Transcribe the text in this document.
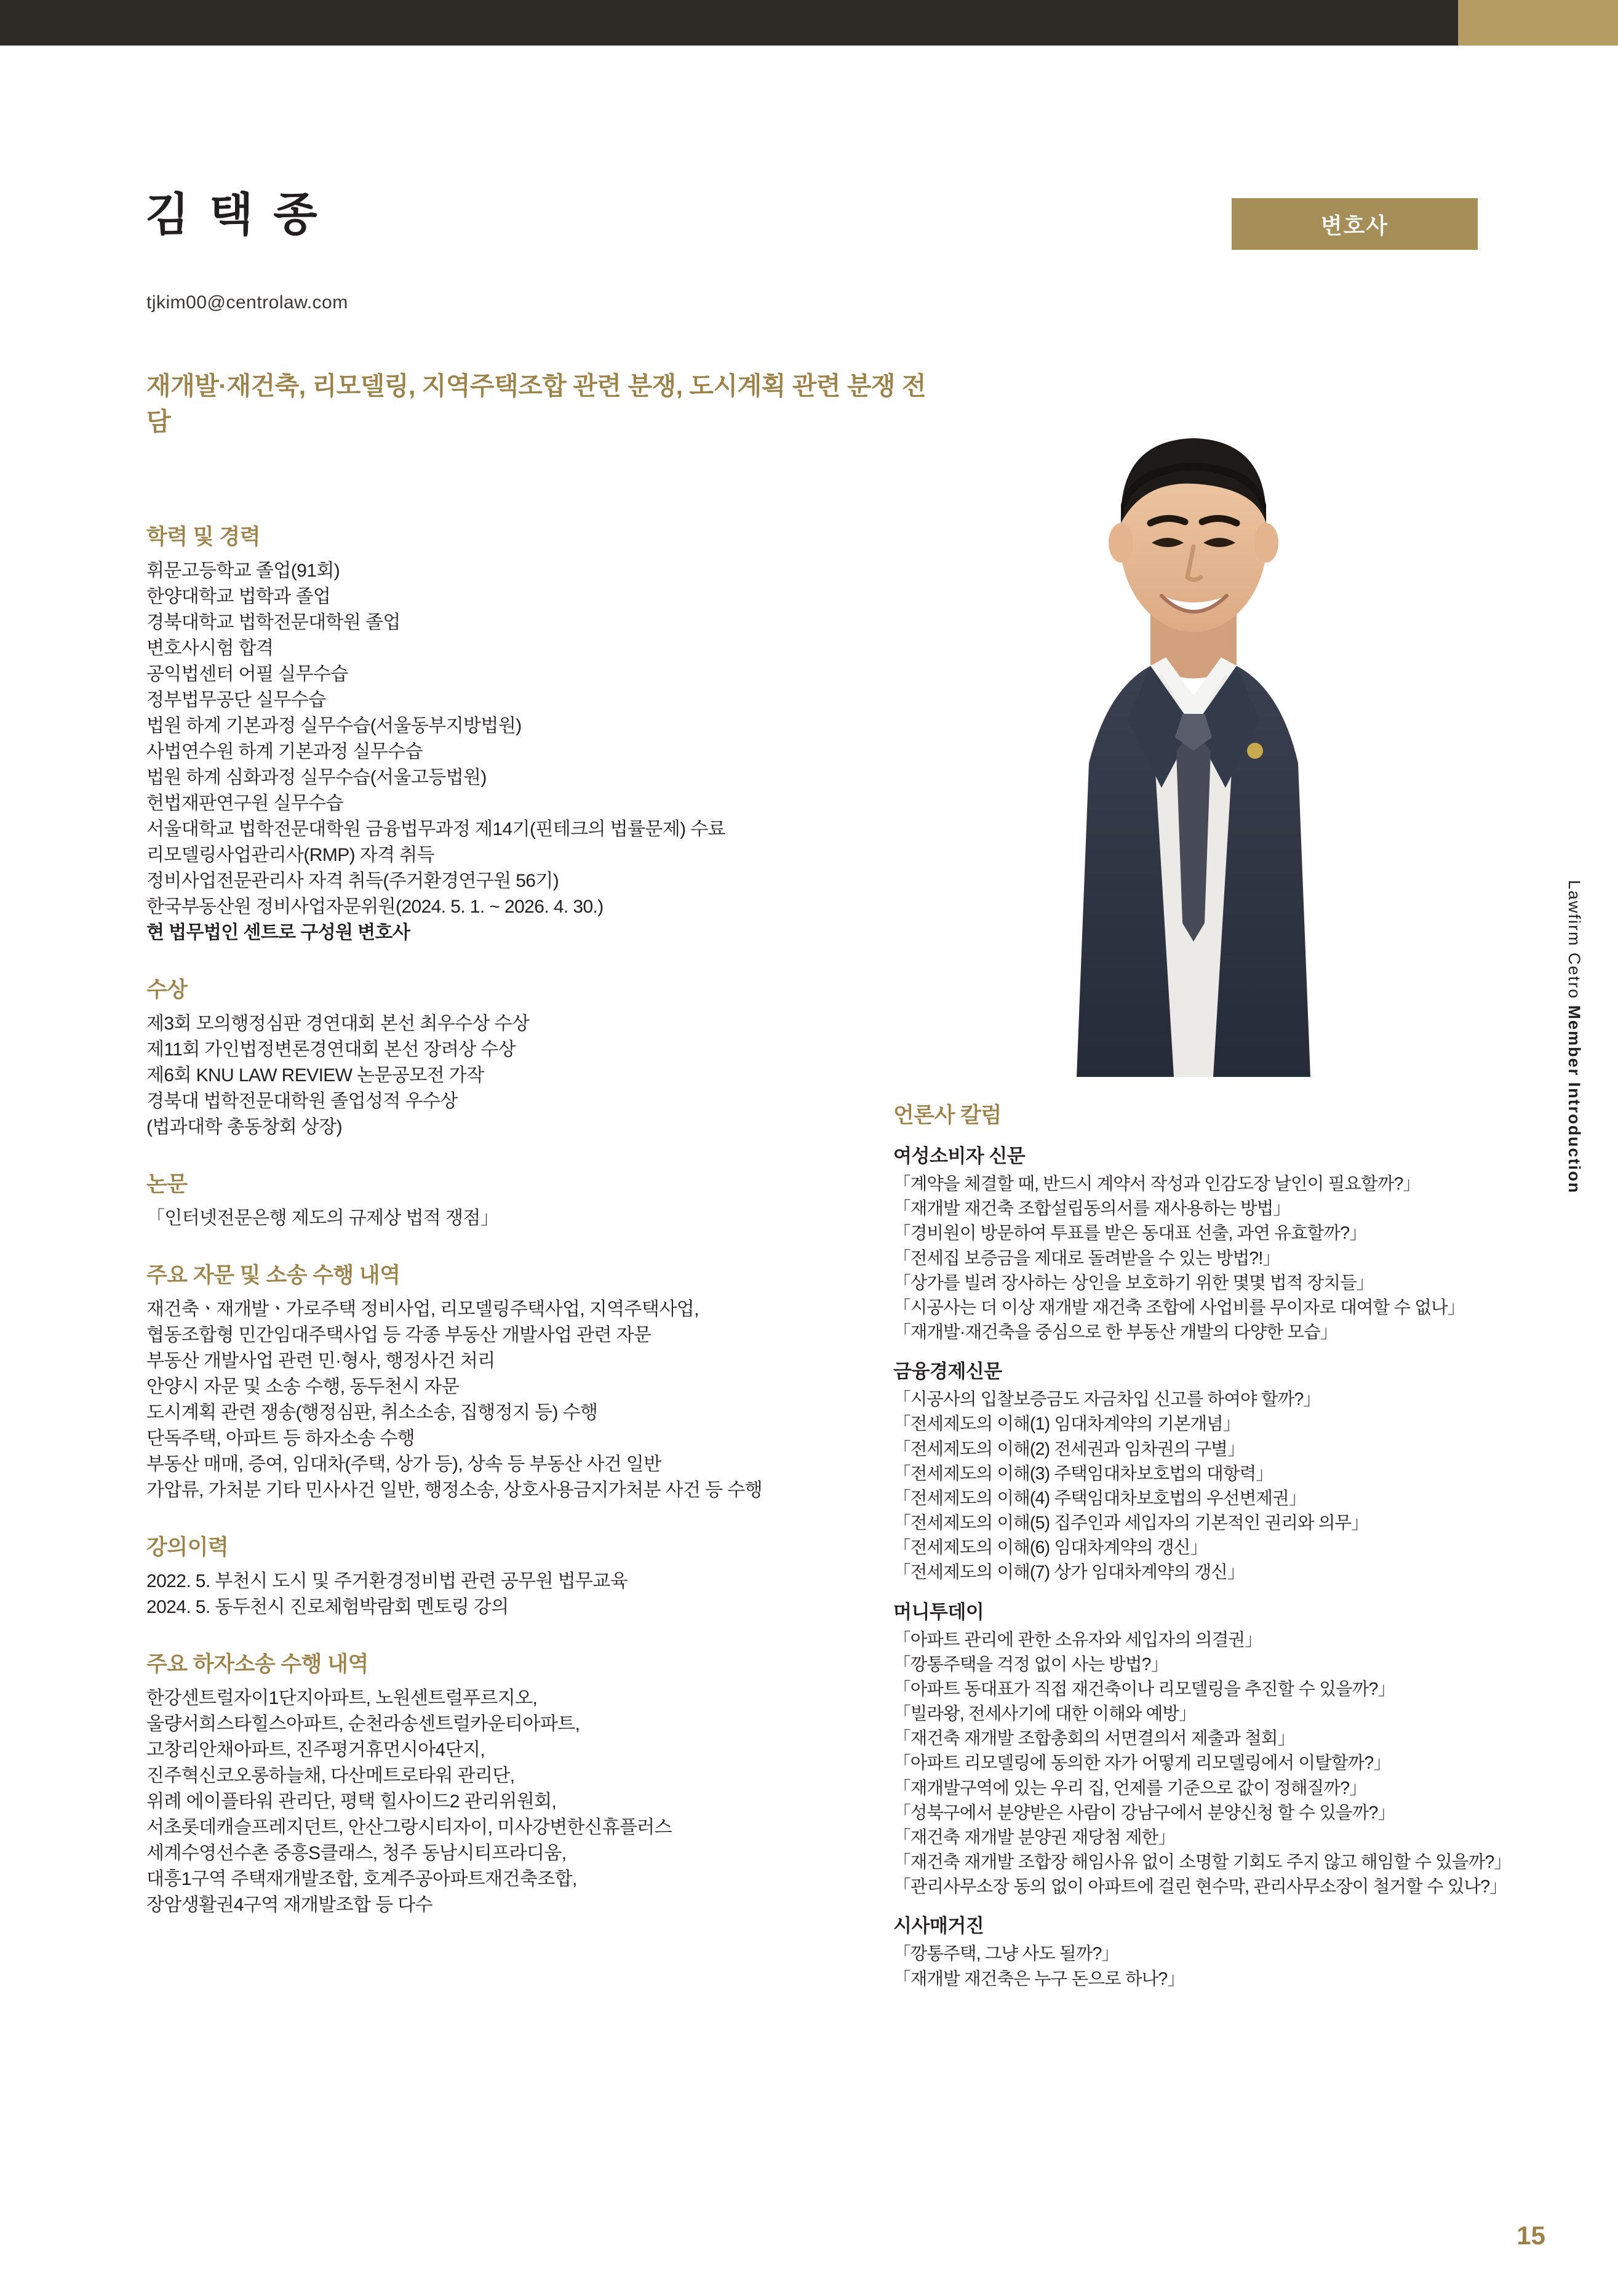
김 택 종	변호사
tjkim00@centrolaw.com
재개발·재건축, 리모델링, 지역주택조합 관련 분쟁, 도시계획 관련 분쟁 전담
Lawfirm Cetro Member Introduction
학력 및 경력
휘문고등학교 졸업(91회)
한양대학교 법학과 졸업
경북대학교 법학전문대학원 졸업
변호사시험 합격
공익법센터 어필 실무수습
정부법무공단 실무수습
법원 하계 기본과정 실무수습(서울동부지방법원)
사법연수원 하계 기본과정 실무수습
법원 하계 심화과정 실무수습(서울고등법원)
헌법재판연구원 실무수습
서울대학교 법학전문대학원 금융법무과정 제14기(핀테크의 법률문제) 수료
리모델링사업관리사(RMP) 자격 취득
정비사업전문관리사 자격 취득(주거환경연구원 56기)
한국부동산원 정비사업자문위원(2024. 5. 1. ~ 2026. 4. 30.)
현 법무법인 센트로 구성원 변호사
수상
제3회 모의행정심판 경연대회 본선 최우수상 수상
제11회 가인법정변론경연대회 본선 장려상 수상
제6회 KNU LAW REVIEW 논문공모전 가작
경북대 법학전문대학원 졸업성적 우수상
(법과대학 총동창회 상장)
논문
「인터넷전문은행 제도의 규제상 법적 쟁점」
주요 자문 및 소송 수행 내역
재건축ㆍ재개발ㆍ가로주택 정비사업, 리모델링주택사업, 지역주택사업,
협동조합형 민간임대주택사업 등 각종 부동산 개발사업 관련 자문
부동산 개발사업 관련 민·형사, 행정사건 처리
안양시 자문 및 소송 수행, 동두천시 자문
도시계획 관련 쟁송(행정심판, 취소소송, 집행정지 등) 수행
단독주택, 아파트 등 하자소송 수행
부동산 매매, 증여, 임대차(주택, 상가 등), 상속 등 부동산 사건 일반
가압류, 가처분 기타 민사사건 일반, 행정소송, 상호사용금지가처분 사건 등 수행
강의이력
2022. 5. 부천시 도시 및 주거환경정비법 관련 공무원 법무교육
2024. 5. 동두천시 진로체험박람회 멘토링 강의
주요 하자소송 수행 내역
한강센트럴자이1단지아파트, 노원센트럴푸르지오,
울량서희스타힐스아파트, 순천라송센트럴카운티아파트,
고창리안채아파트, 진주평거휴먼시아4단지,
진주혁신코오롱하늘채, 다산메트로타워 관리단,
위례 에이플타워 관리단, 평택 힐사이드2 관리위원회,
서초롯데캐슬프레지던트, 안산그랑시티자이, 미사강변한신휴플러스
세계수영선수촌 중흥S클래스, 청주 동남시티프라디움,
대흥1구역 주택재개발조합, 호계주공아파트재건축조합,
장암생활권4구역 재개발조합 등 다수
언론사 칼럼
여성소비자 신문
「계약을 체결할 때, 반드시 계약서 작성과 인감도장 날인이 필요할까?」
「재개발 재건축 조합설립동의서를 재사용하는 방법」
「경비원이 방문하여 투표를 받은 동대표 선출, 과연 유효할까?」
「전세집 보증금을 제대로 돌려받을 수 있는 방법?!」
「상가를 빌려 장사하는 상인을 보호하기 위한 몇몇 법적 장치들」
「시공사는 더 이상 재개발 재건축 조합에 사업비를 무이자로 대여할 수 없나」
「재개발·재건축을 중심으로 한 부동산 개발의 다양한 모습」
금융경제신문
「시공사의 입찰보증금도 자금차입 신고를 하여야 할까?」
「전세제도의 이해(1) 임대차계약의 기본개념」
「전세제도의 이해(2) 전세권과 임차권의 구별」
「전세제도의 이해(3) 주택임대차보호법의 대항력」
「전세제도의 이해(4) 주택임대차보호법의 우선변제권」
「전세제도의 이해(5) 집주인과 세입자의 기본적인 권리와 의무」
「전세제도의 이해(6) 임대차계약의 갱신」
「전세제도의 이해(7) 상가 임대차계약의 갱신」
머니투데이
「아파트 관리에 관한 소유자와 세입자의 의결권」
「깡통주택을 걱정 없이 사는 방법?」
「아파트 동대표가 직접 재건축이나 리모델링을 추진할 수 있을까?」
「빌라왕, 전세사기에 대한 이해와 예방」
「재건축 재개발 조합총회의 서면결의서 제출과 철회」
「아파트 리모델링에 동의한 자가 어떻게 리모델링에서 이탈할까?」
「재개발구역에 있는 우리 집, 언제를 기준으로 값이 정해질까?」
「성북구에서 분양받은 사람이 강남구에서 분양신청 할 수 있을까?」
「재건축 재개발 분양권 재당첨 제한」
「재건축 재개발 조합장 해임사유 없이 소명할 기회도 주지 않고 해임할 수 있을까?」
「관리사무소장 동의 없이 아파트에 걸린 현수막, 관리사무소장이 철거할 수 있나?」
시사매거진
「깡통주택, 그냥 사도 될까?」
「재개발 재건축은 누구 돈으로 하나?」
15
